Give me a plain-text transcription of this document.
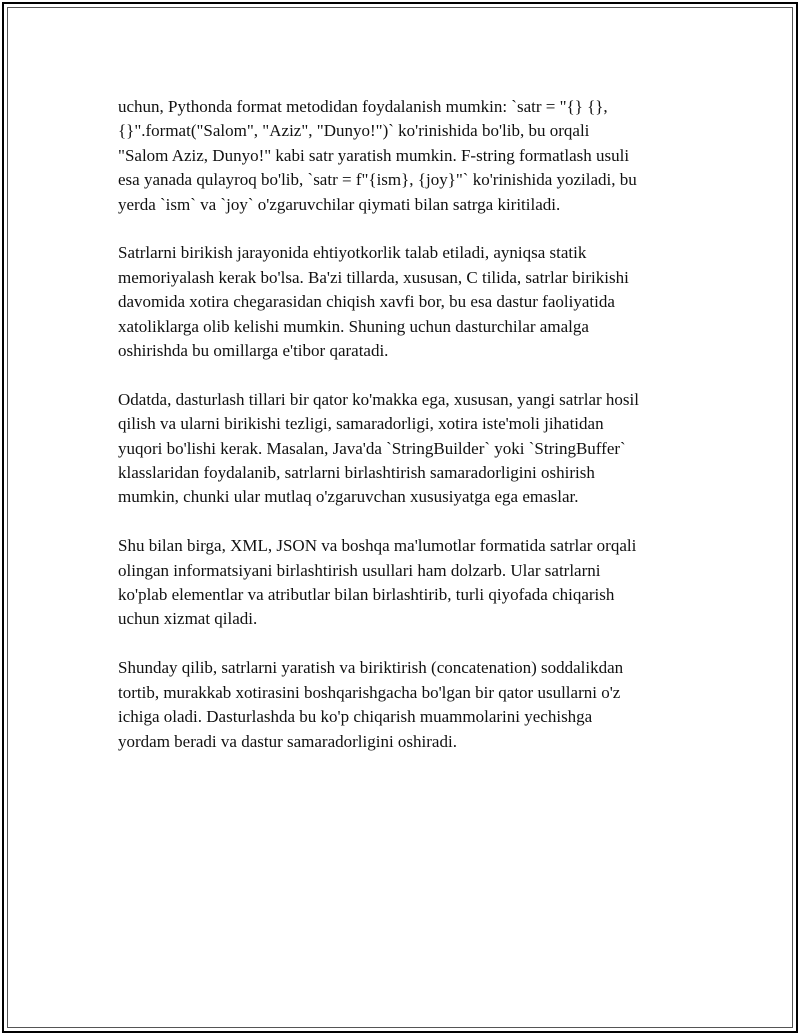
uchun, Pythonda format metodidan foydalanish mumkin: `satr = "{} {},
{}".format("Salom", "Aziz", "Dunyo!")` ko'rinishida bo'lib, bu orqali
"Salom Aziz, Dunyo!" kabi satr yaratish mumkin. F-string formatlash usuli
esa yanada qulayroq bo'lib, `satr = f"{ism}, {joy}"` ko'rinishida yoziladi, bu
yerda `ism` va `joy` o'zgaruvchilar qiymati bilan satrga kiritiladi.

Satrlarni birikish jarayonida ehtiyotkorlik talab etiladi, ayniqsa statik
memoriyalash kerak bo'lsa. Ba'zi tillarda, xususan, C tilida, satrlar birikishi
davomida xotira chegarasidan chiqish xavfi bor, bu esa dastur faoliyatida
xatoliklarga olib kelishi mumkin. Shuning uchun dasturchilar amalga
oshirishda bu omillarga e'tibor qaratadi.

Odatda, dasturlash tillari bir qator ko'makka ega, xususan, yangi satrlar hosil
qilish va ularni birikishi tezligi, samaradorligi, xotira iste'moli jihatidan
yuqori bo'lishi kerak. Masalan, Java'da `StringBuilder` yoki `StringBuffer`
klasslaridan foydalanib, satrlarni birlashtirish samaradorligini oshirish
mumkin, chunki ular mutlaq o'zgaruvchan xususiyatga ega emaslar.

Shu bilan birga, XML, JSON va boshqa ma'lumotlar formatida satrlar orqali
olingan informatsiyani birlashtirish usullari ham dolzarb. Ular satrlarni
ko'plab elementlar va atributlar bilan birlashtirib, turli qiyofada chiqarish
uchun xizmat qiladi.

Shunday qilib, satrlarni yaratish va biriktirish (concatenation) soddalikdan
tortib, murakkab xotirasini boshqarishgacha bo'lgan bir qator usullarni o'z
ichiga oladi. Dasturlashda bu ko'p chiqarish muammolarini yechishga
yordam beradi va dastur samaradorligini oshiradi.
